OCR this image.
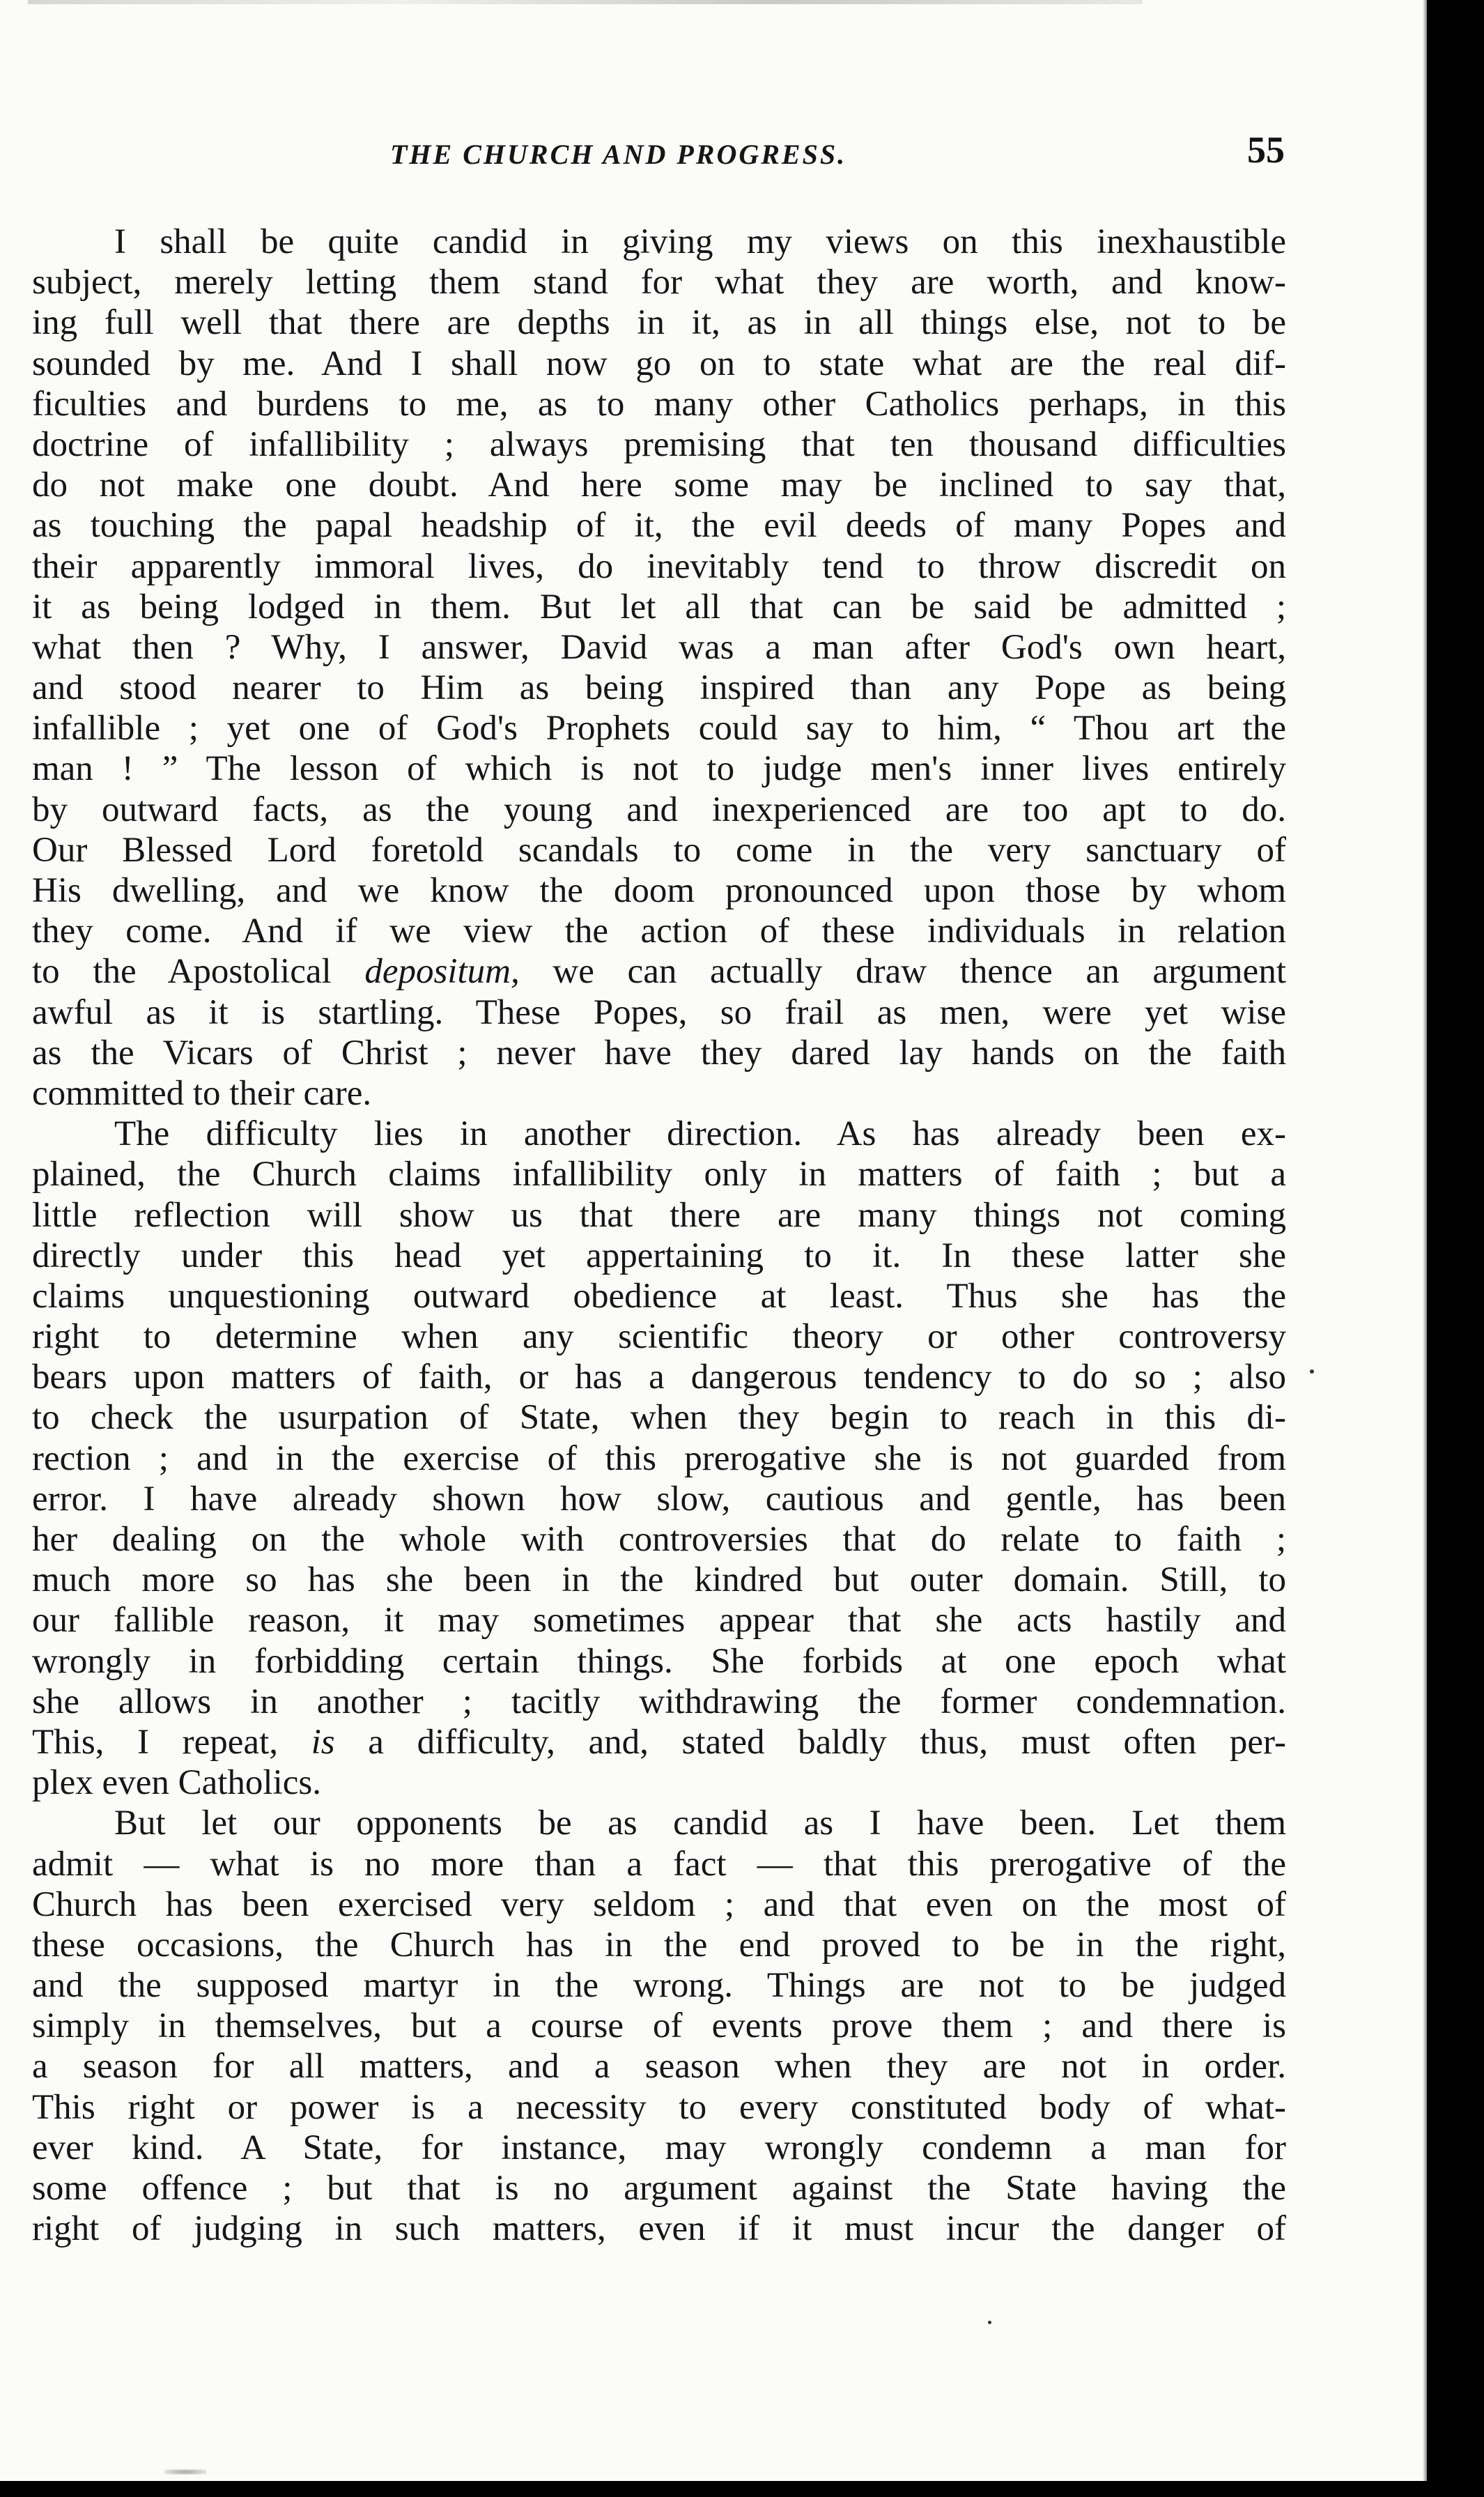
THE CHURCH AND PROGRESS.	55
I shall be quite candid in giving my views on this inexhaustible
subject, merely letting them stand for what they are worth, and know-
ing full well that there are depths in it, as in all things else, not to be
sounded by me. And I shall now go on to state what are the real dif-
ficulties and burdens to me, as to many other Catholics perhaps, in this
doctrine of infallibility ; always premising that ten thousand difficulties
do not make one doubt. And here some may be inclined to say that,
as touching the papal headship of it, the evil deeds of many Popes and
their apparently immoral lives, do inevitably tend to throw discredit on
it as being lodged in them. But let all that can be said be admitted ;
what then ? Why, I answer, David was a man after God's own heart,
and stood nearer to Him as being inspired than any Pope as being
infallible ; yet one of God's Prophets could say to him, “ Thou art the
man ! ” The lesson of which is not to judge men's inner lives entirely
by outward facts, as the young and inexperienced are too apt to do.
Our Blessed Lord foretold scandals to come in the very sanctuary of
His dwelling, and we know the doom pronounced upon those by whom
they come. And if we view the action of these individuals in relation
to the Apostolical depositum, we can actually draw thence an argument
awful as it is startling. These Popes, so frail as men, were yet wise
as the Vicars of Christ ; never have they dared lay hands on the faith
committed to their care.
The difficulty lies in another direction. As has already been ex-
plained, the Church claims infallibility only in matters of faith ; but a
little reflection will show us that there are many things not coming
directly under this head yet appertaining to it. In these latter she
claims unquestioning outward obedience at least. Thus she has the
right to determine when any scientific theory or other controversy
bears upon matters of faith, or has a dangerous tendency to do so ; also
to check the usurpation of State, when they begin to reach in this di-
rection ; and in the exercise of this prerogative she is not guarded from
error. I have already shown how slow, cautious and gentle, has been
her dealing on the whole with controversies that do relate to faith ;
much more so has she been in the kindred but outer domain. Still, to
our fallible reason, it may sometimes appear that she acts hastily and
wrongly in forbidding certain things. She forbids at one epoch what
she allows in another ; tacitly withdrawing the former condemnation.
This, I repeat, is a difficulty, and, stated baldly thus, must often per-
plex even Catholics.
But let our opponents be as candid as I have been. Let them
admit — what is no more than a fact — that this prerogative of the
Church has been exercised very seldom ; and that even on the most of
these occasions, the Church has in the end proved to be in the right,
and the supposed martyr in the wrong. Things are not to be judged
simply in themselves, but a course of events prove them ; and there is
a season for all matters, and a season when they are not in order.
This right or power is a necessity to every constituted body of what-
ever kind. A State, for instance, may wrongly condemn a man for
some offence ; but that is no argument against the State having the
right of judging in such matters, even if it must incur the danger of
